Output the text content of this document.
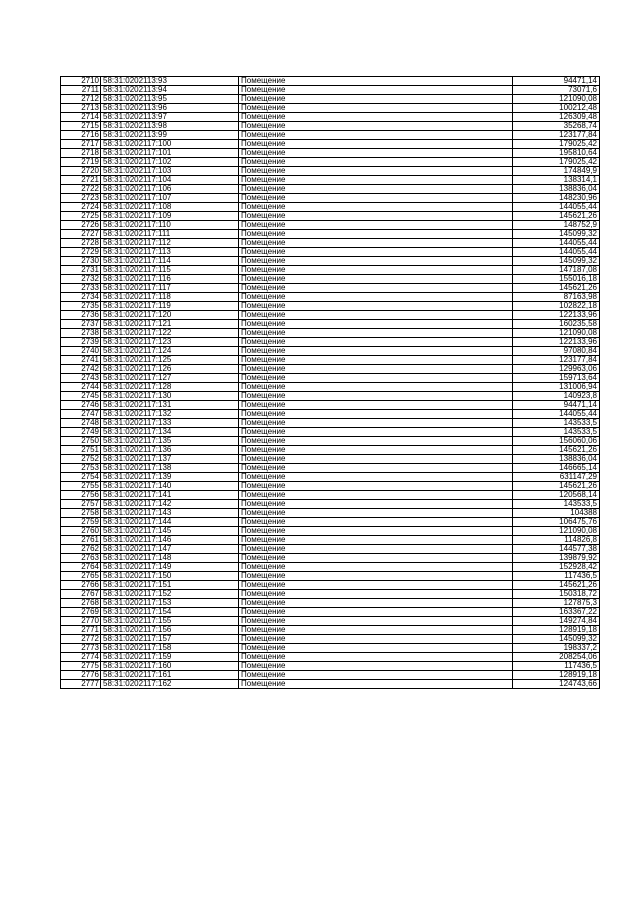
2710	58:31:0202113:93	Помещение	94471,14
2711	58:31:0202113:94	Помещение	73071,6
2712	58:31:0202113:95	Помещение	121090,08
2713	58:31:0202113:96	Помещение	100212,48
2714	58:31:0202113:97	Помещение	126309,48
2715	58:31:0202113:98	Помещение	35268,74
2716	58:31:0202113:99	Помещение	123177,84
2717	58:31:0202117:100	Помещение	179025,42
2718	58:31:0202117:101	Помещение	195810,64
2719	58:31:0202117:102	Помещение	179025,42
2720	58:31:0202117:103	Помещение	174849,9
2721	58:31:0202117:104	Помещение	138314,1
2722	58:31:0202117:106	Помещение	138836,04
2723	58:31:0202117:107	Помещение	148230,96
2724	58:31:0202117:108	Помещение	144055,44
2725	58:31:0202117:109	Помещение	145621,26
2726	58:31:0202117:110	Помещение	148752,9
2727	58:31:0202117:111	Помещение	145099,32
2728	58:31:0202117:112	Помещение	144055,44
2729	58:31:0202117:113	Помещение	144055,44
2730	58:31:0202117:114	Помещение	145099,32
2731	58:31:0202117:115	Помещение	147187,08
2732	58:31:0202117:116	Помещение	155016,18
2733	58:31:0202117:117	Помещение	145621,26
2734	58:31:0202117:118	Помещение	87163,98
2735	58:31:0202117:119	Помещение	102822,18
2736	58:31:0202117:120	Помещение	122133,96
2737	58:31:0202117:121	Помещение	160235,58
2738	58:31:0202117:122	Помещение	121090,08
2739	58:31:0202117:123	Помещение	122133,96
2740	58:31:0202117:124	Помещение	97080,84
2741	58:31:0202117:125	Помещение	123177,84
2742	58:31:0202117:126	Помещение	129963,06
2743	58:31:0202117:127	Помещение	159713,64
2744	58:31:0202117:128	Помещение	131006,94
2745	58:31:0202117:130	Помещение	140923,8
2746	58:31:0202117:131	Помещение	94471,14
2747	58:31:0202117:132	Помещение	144055,44
2748	58:31:0202117:133	Помещение	143533,5
2749	58:31:0202117:134	Помещение	143533,5
2750	58:31:0202117:135	Помещение	156060,06
2751	58:31:0202117:136	Помещение	145621,26
2752	58:31:0202117:137	Помещение	138836,04
2753	58:31:0202117:138	Помещение	146665,14
2754	58:31:0202117:139	Помещение	631147,29
2755	58:31:0202117:140	Помещение	145621,26
2756	58:31:0202117:141	Помещение	120568,14
2757	58:31:0202117:142	Помещение	143533,5
2758	58:31:0202117:143	Помещение	104388
2759	58:31:0202117:144	Помещение	106475,76
2760	58:31:0202117:145	Помещение	121090,08
2761	58:31:0202117:146	Помещение	114826,8
2762	58:31:0202117:147	Помещение	144577,38
2763	58:31:0202117:148	Помещение	139879,92
2764	58:31:0202117:149	Помещение	152928,42
2765	58:31:0202117:150	Помещение	117436,5
2766	58:31:0202117:151	Помещение	145621,26
2767	58:31:0202117:152	Помещение	150318,72
2768	58:31:0202117:153	Помещение	127875,3
2769	58:31:0202117:154	Помещение	163367,22
2770	58:31:0202117:155	Помещение	149274,84
2771	58:31:0202117:156	Помещение	128919,18
2772	58:31:0202117:157	Помещение	145099,32
2773	58:31:0202117:158	Помещение	198337,2
2774	58:31:0202117:159	Помещение	208254,06
2775	58:31:0202117:160	Помещение	117436,5
2776	58:31:0202117:161	Помещение	128919,18
2777	58:31:0202117:162	Помещение	124743,66
